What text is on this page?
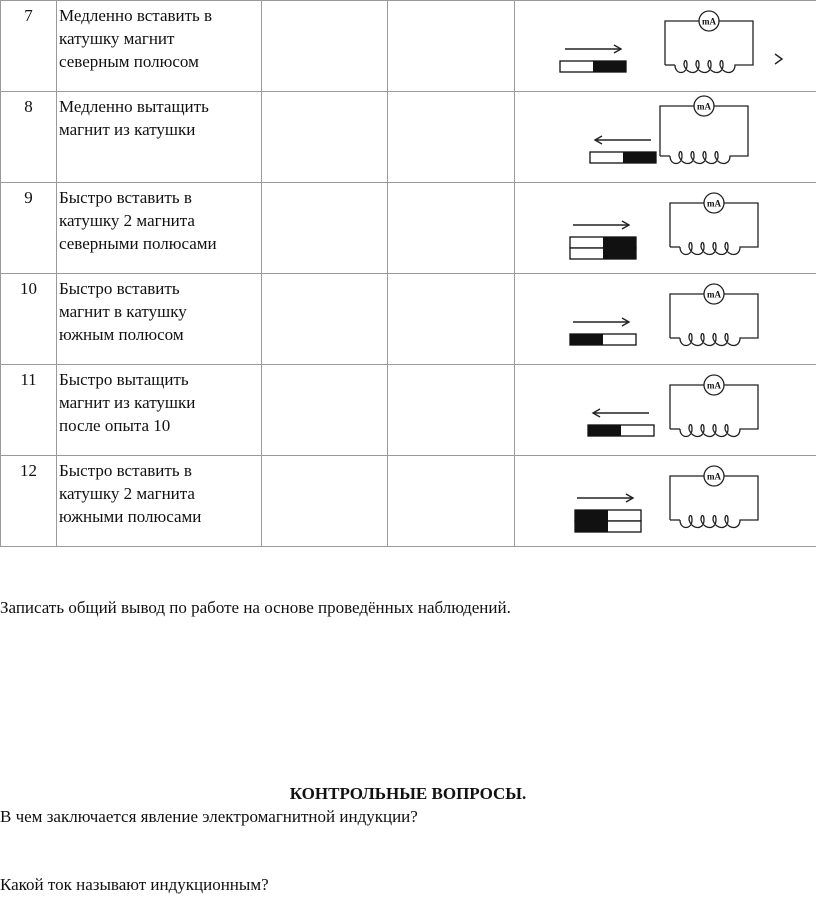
7	Медленно вставить в
катушку магнит
северным полюсом			mA

8	Медленно вытащить
магнит из катушки			mA

9	Быстро вставить в
катушку 2 магнита
северными полюсами			mA

10	Быстро вставить
магнит в катушку
южным полюсом			mA

11	Быстро вытащить
магнит из катушки
после опыта 10			mA

12	Быстро вставить в
катушку 2 магнита
южными полюсами			mA
Записать общий вывод по работе на основе проведённых наблюдений.
КОНТРОЛЬНЫЕ ВОПРОСЫ.
В чем заключается явление электромагнитной индукции?
Какой ток называют индукционным?
